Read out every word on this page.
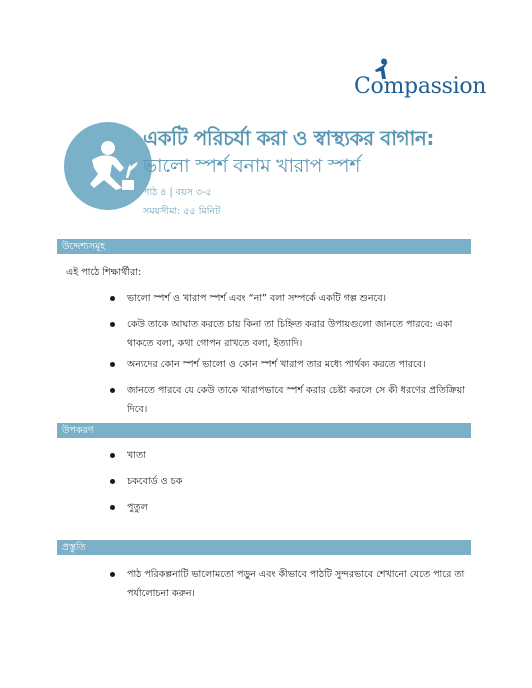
Compassion
একটি পরিচর্যা করা ও স্বাস্থ্যকর বাগান:
ভালো স্পর্শ বনাম খারাপ স্পর্শ
পাঠ ৪ | বয়স ৩-৫
সময়সীমা: ৫৫ মিনিট
উদ্দেশ্যসমূহ
এই পাঠে শিক্ষার্থীরা:
ভালো স্পর্শ ও খারাপ স্পর্শ এবং “না” বলা সম্পর্কে একটি গল্প শুনবে।
কেউ তাকে আঘাত করতে চায় কিনা তা চিহ্নিত করার উপায়গুলো জানতে পারবে: একা থাকতে বলা, কথা গোপন রাখতে বলা, ইত্যাদি।
অন্যদের কোন স্পর্শ ভালো ও কোন স্পর্শ খারাপ তার মধ্যে পার্থক্য করতে পারবে।
জানতে পারবে যে কেউ তাকে খারাপভাবে স্পর্শ করার চেষ্টা করলে সে কী ধরণের প্রতিক্রিয়া দিবে।
উপকরণ
খাতা
চকবোর্ড ও চক
পুতুল
প্রস্তুতি
পাঠ পরিকল্পনাটি ভালোমতো পড়ুন এবং কীভাবে পাঠটি সুন্দরভাবে শেখানো যেতে পারে তা পর্যালোচনা করুন।
